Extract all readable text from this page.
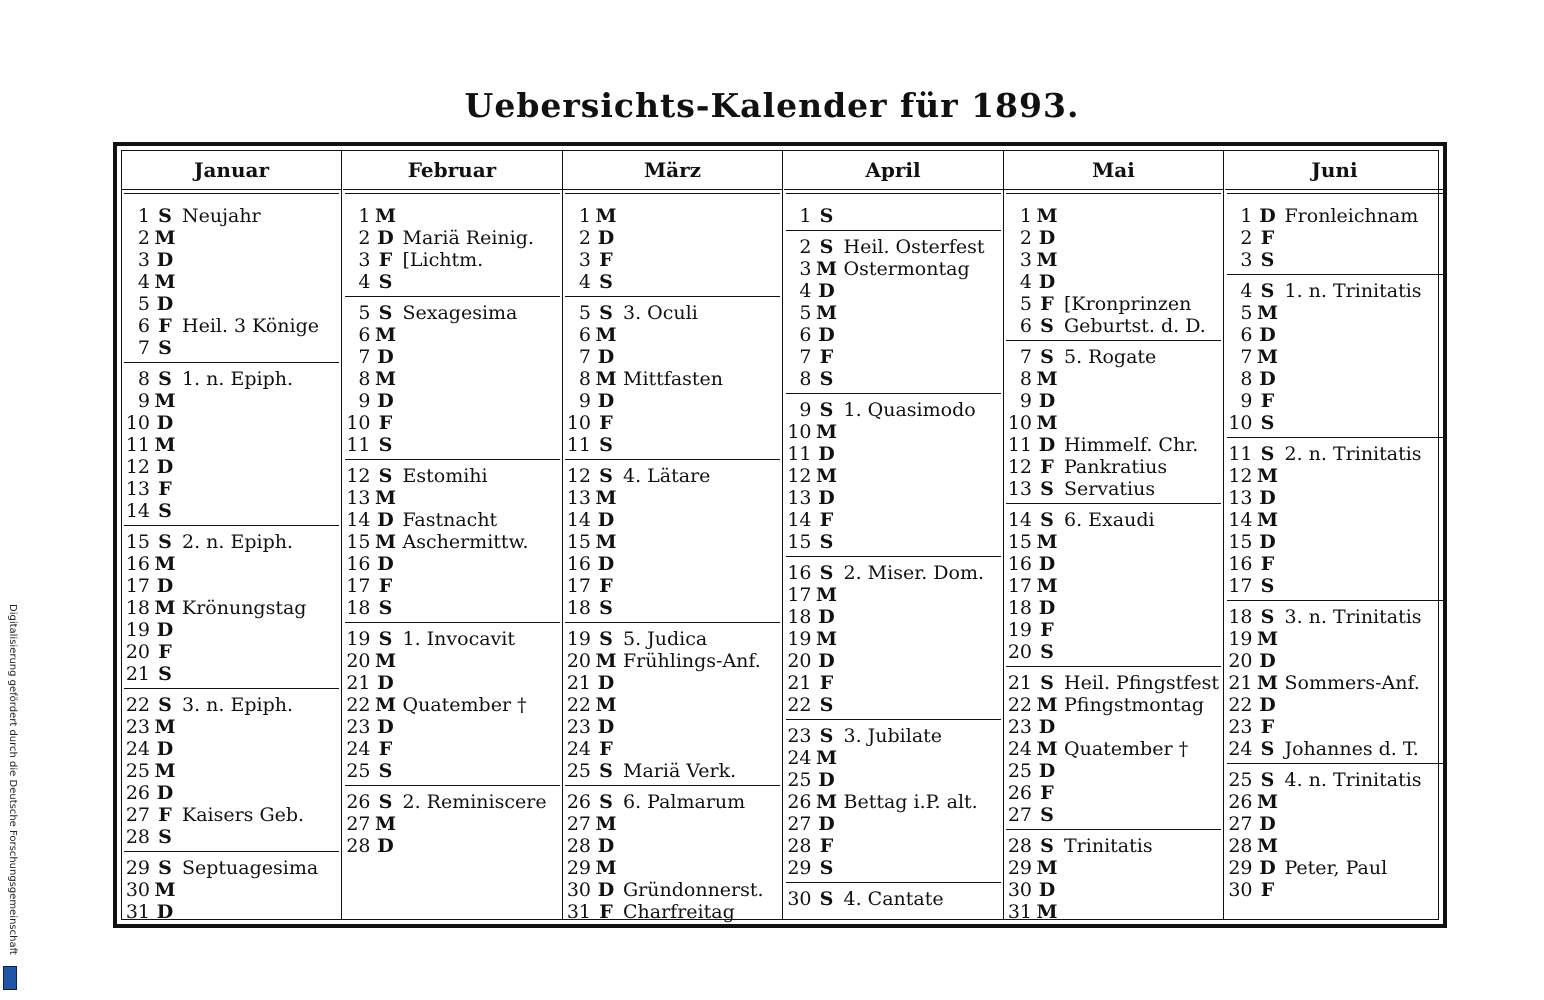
Uebersichts-Kalender für 1893.
Januar
1 S Neujahr
2 M
3 D
4 M
5 D
6 F Heil. 3 Könige
7 S
8 S 1. n. Epiph.
9 M
10 D
11 M
12 D
13 F
14 S
15 S 2. n. Epiph.
16 M
17 D
18 M Krönungstag
19 D
20 F
21 S
22 S 3. n. Epiph.
23 M
24 D
25 M
26 D
27 F Kaisers Geb.
28 S
29 S Septuagesima
30 M
31 D
Februar
1 M
2 D Mariä Reinig.
3 F [Lichtm.
4 S
5 S Sexagesima
6 M
7 D
8 M
9 D
10 F
11 S
12 S Estomihi
13 M
14 D Fastnacht
15 M Aschermittw.
16 D
17 F
18 S
19 S 1. Invocavit
20 M
21 D
22 M Quatember †
23 D
24 F
25 S
26 S 2. Reminiscere
27 M
28 D
März
1 M
2 D
3 F
4 S
5 S 3. Oculi
6 M
7 D
8 M Mittfasten
9 D
10 F
11 S
12 S 4. Lätare
13 M
14 D
15 M
16 D
17 F
18 S
19 S 5. Judica
20 M Frühlings-Anf.
21 D
22 M
23 D
24 F
25 S Mariä Verk.
26 S 6. Palmarum
27 M
28 D
29 M
30 D Gründonnerst.
31 F Charfreitag
April
1 S
2 S Heil. Osterfest
3 M Ostermontag
4 D
5 M
6 D
7 F
8 S
9 S 1. Quasimodo
10 M
11 D
12 M
13 D
14 F
15 S
16 S 2. Miser. Dom.
17 M
18 D
19 M
20 D
21 F
22 S
23 S 3. Jubilate
24 M
25 D
26 M Bettag i.P. alt.
27 D
28 F
29 S
30 S 4. Cantate
Mai
1 M
2 D
3 M
4 D
5 F [Kronprinzen
6 S Geburtst. d. D.
7 S 5. Rogate
8 M
9 D
10 M
11 D Himmelf. Chr.
12 F Pankratius
13 S Servatius
14 S 6. Exaudi
15 M
16 D
17 M
18 D
19 F
20 S
21 S Heil. Pfingstfest
22 M Pfingstmontag
23 D
24 M Quatember †
25 D
26 F
27 S
28 S Trinitatis
29 M
30 D
31 M
Juni
1 D Fronleichnam
2 F
3 S
4 S 1. n. Trinitatis
5 M
6 D
7 M
8 D
9 F
10 S
11 S 2. n. Trinitatis
12 M
13 D
14 M
15 D
16 F
17 S
18 S 3. n. Trinitatis
19 M
20 D
21 M Sommers-Anf.
22 D
23 F
24 S Johannes d. T.
25 S 4. n. Trinitatis
26 M
27 D
28 M
29 D Peter, Paul
30 F
Digitalisierung gefördert durch die Deutsche Forschungsgemeinschaft
